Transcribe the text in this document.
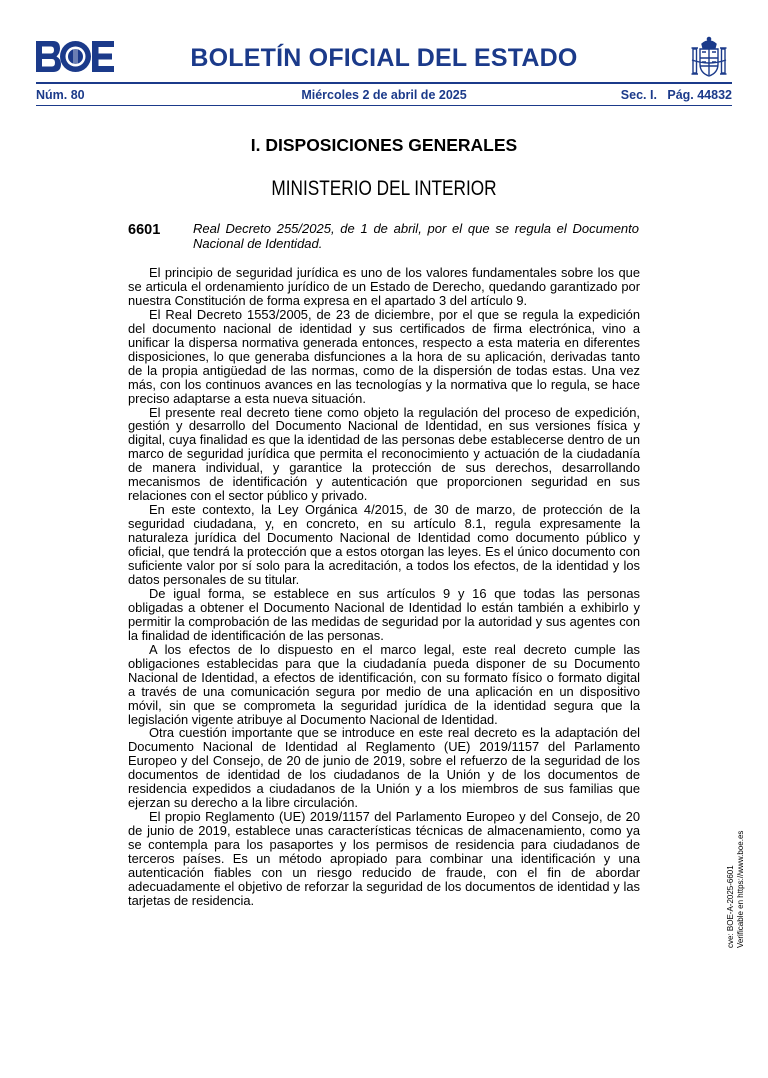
BOLETÍN OFICIAL DEL ESTADO
Núm. 80	Miércoles 2 de abril de 2025	Sec. I. Pág. 44832
I. DISPOSICIONES GENERALES
MINISTERIO DEL INTERIOR
6601	Real Decreto 255/2025, de 1 de abril, por el que se regula el Documento Nacional de Identidad.

El principio de seguridad jurídica es uno de los valores fundamentales sobre los que se articula el ordenamiento jurídico de un Estado de Derecho, quedando garantizado por nuestra Constitución de forma expresa en el apartado 3 del artículo 9.

El Real Decreto 1553/2005, de 23 de diciembre, por el que se regula la expedición del documento nacional de identidad y sus certificados de firma electrónica, vino a unificar la dispersa normativa generada entonces, respecto a esta materia en diferentes disposiciones, lo que generaba disfunciones a la hora de su aplicación, derivadas tanto de la propia antigüedad de las normas, como de la dispersión de todas estas. Una vez más, con los continuos avances en las tecnologías y la normativa que lo regula, se hace preciso adaptarse a esta nueva situación.

El presente real decreto tiene como objeto la regulación del proceso de expedición, gestión y desarrollo del Documento Nacional de Identidad, en sus versiones física y digital, cuya finalidad es que la identidad de las personas debe establecerse dentro de un marco de seguridad jurídica que permita el reconocimiento y actuación de la ciudadanía de manera individual, y garantice la protección de sus derechos, desarrollando mecanismos de identificación y autenticación que proporcionen seguridad en sus relaciones con el sector público y privado.

En este contexto, la Ley Orgánica 4/2015, de 30 de marzo, de protección de la seguridad ciudadana, y, en concreto, en su artículo 8.1, regula expresamente la naturaleza jurídica del Documento Nacional de Identidad como documento público y oficial, que tendrá la protección que a estos otorgan las leyes. Es el único documento con suficiente valor por sí solo para la acreditación, a todos los efectos, de la identidad y los datos personales de su titular.

De igual forma, se establece en sus artículos 9 y 16 que todas las personas obligadas a obtener el Documento Nacional de Identidad lo están también a exhibirlo y permitir la comprobación de las medidas de seguridad por la autoridad y sus agentes con la finalidad de identificación de las personas.

A los efectos de lo dispuesto en el marco legal, este real decreto cumple las obligaciones establecidas para que la ciudadanía pueda disponer de su Documento Nacional de Identidad, a efectos de identificación, con su formato físico o formato digital a través de una comunicación segura por medio de una aplicación en un dispositivo móvil, sin que se comprometa la seguridad jurídica de la identidad segura que la legislación vigente atribuye al Documento Nacional de Identidad.

Otra cuestión importante que se introduce en este real decreto es la adaptación del Documento Nacional de Identidad al Reglamento (UE) 2019/1157 del Parlamento Europeo y del Consejo, de 20 de junio de 2019, sobre el refuerzo de la seguridad de los documentos de identidad de los ciudadanos de la Unión y de los documentos de residencia expedidos a ciudadanos de la Unión y a los miembros de sus familias que ejerzan su derecho a la libre circulación.

El propio Reglamento (UE) 2019/1157 del Parlamento Europeo y del Consejo, de 20 de junio de 2019, establece unas características técnicas de almacenamiento, como ya se contempla para los pasaportes y los permisos de residencia para ciudadanos de terceros países. Es un método apropiado para combinar una identificación y una autenticación fiables con un riesgo reducido de fraude, con el fin de abordar adecuadamente el objetivo de reforzar la seguridad de los documentos de identidad y las tarjetas de residencia.	cve: BOE-A-2025-6601 Verificable en https://www.boe.es
